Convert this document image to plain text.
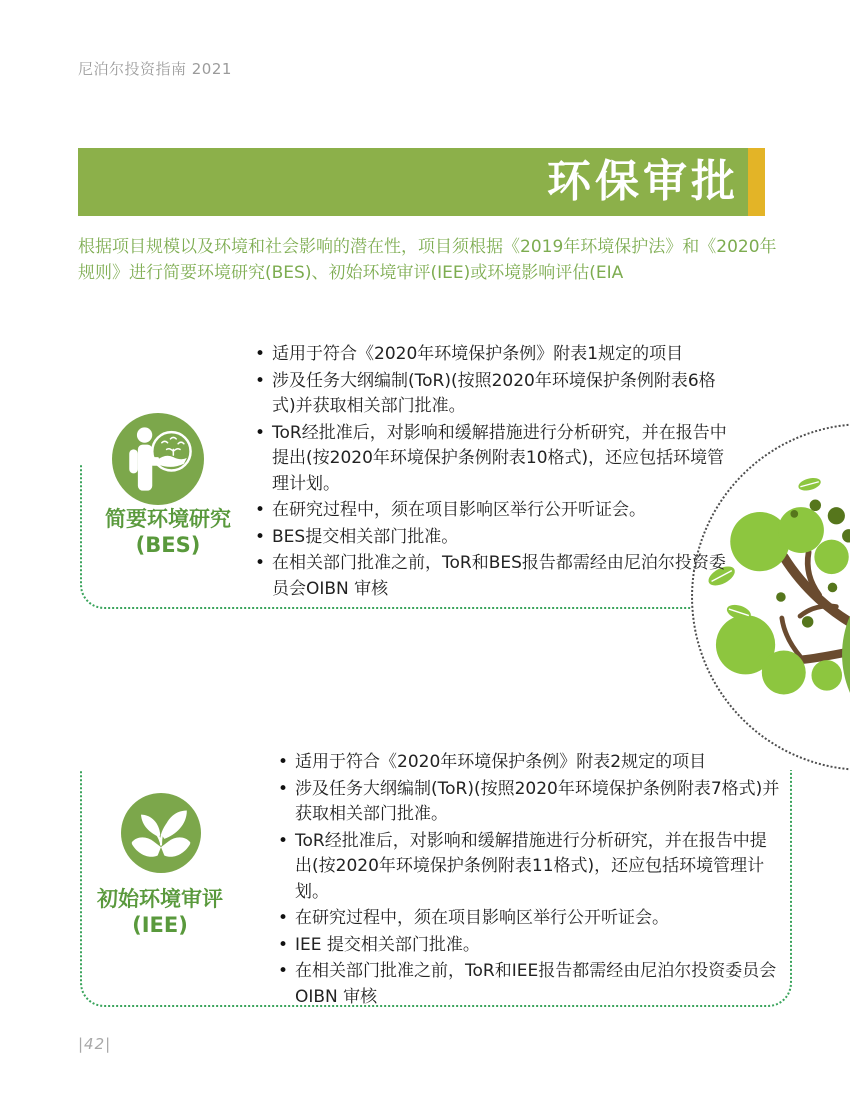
尼泊尔投资指南 2021
环保审批

根据项目规模以及环境和社会影响的潜在性，项目须根据《2019年环境保护法》和《2020年规则》进行简要环境研究(BES)、初始环境审评(IEE)或环境影响评估(EIA

简要环境研究
(BES)
• 适用于符合《2020年环境保护条例》附表1规定的项目
• 涉及任务大纲编制(ToR)(按照2020年环境保护条例附表6格式)并获取相关部门批准。
• ToR经批准后，对影响和缓解措施进行分析研究，并在报告中提出(按2020年环境保护条例附表10格式)，还应包括环境管理计划。
• 在研究过程中，须在项目影响区举行公开听证会。
• BES提交相关部门批准。
• 在相关部门批准之前，ToR和BES报告都需经由尼泊尔投资委员会OIBN 审核
初始环境审评
(IEE)
• 适用于符合《2020年环境保护条例》附表2规定的项目
• 涉及任务大纲编制(ToR)(按照2020年环境保护条例附表7格式)并获取相关部门批准。
• ToR经批准后，对影响和缓解措施进行分析研究，并在报告中提出(按2020年环境保护条例附表11格式)，还应包括环境管理计划。
• 在研究过程中，须在项目影响区举行公开听证会。
• IEE 提交相关部门批准。
• 在相关部门批准之前，ToR和IEE报告都需经由尼泊尔投资委员会OIBN 审核
|42|
